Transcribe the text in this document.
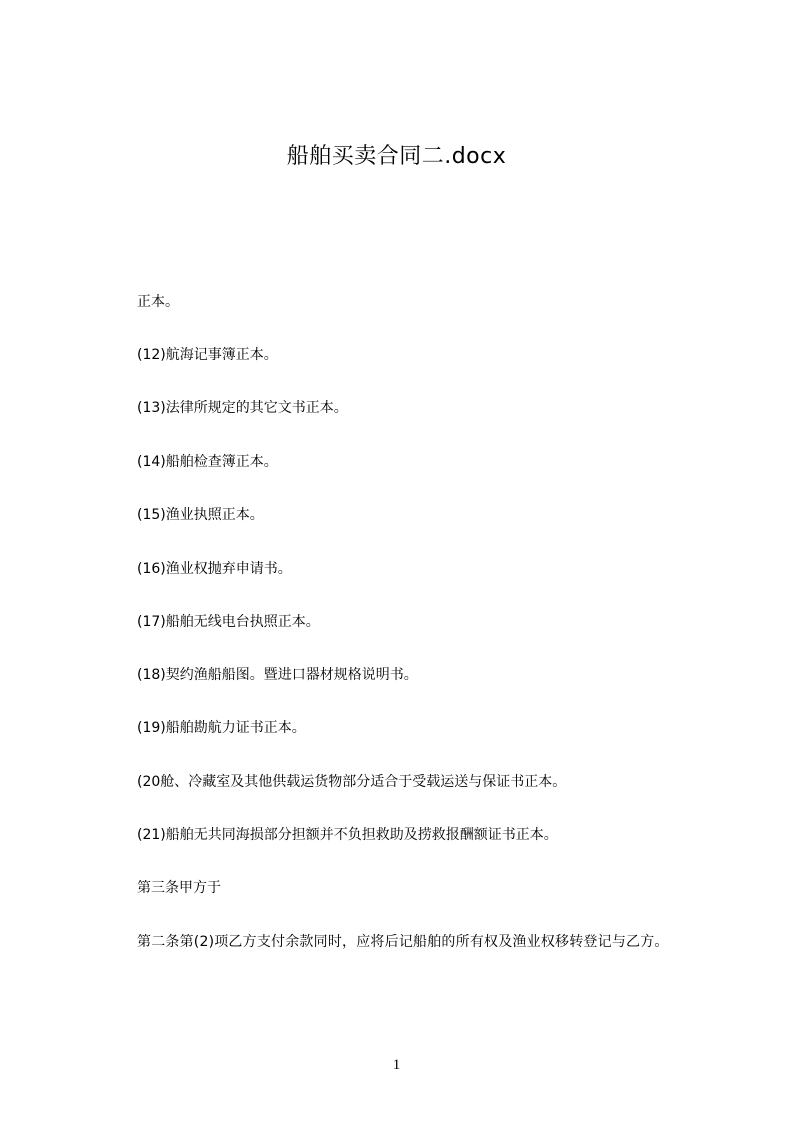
船舶买卖合同二.docx
正本。
(12)航海记事簿正本。
(13)法律所规定的其它文书正本。
(14)船舶检查簿正本。
(15)渔业执照正本。
(16)渔业权抛弃申请书。
(17)船舶无线电台执照正本。
(18)契约渔船船图。暨进口器材规格说明书。
(19)船舶勘航力证书正本。
(20舱、冷藏室及其他供载运货物部分适合于受载运送与保证书正本。
(21)船舶无共同海损部分担额并不负担救助及捞救报酬额证书正本。
第三条甲方于
第二条第(2)项乙方支付余款同时，应将后记船舶的所有权及渔业权移转登记与乙方。
1
